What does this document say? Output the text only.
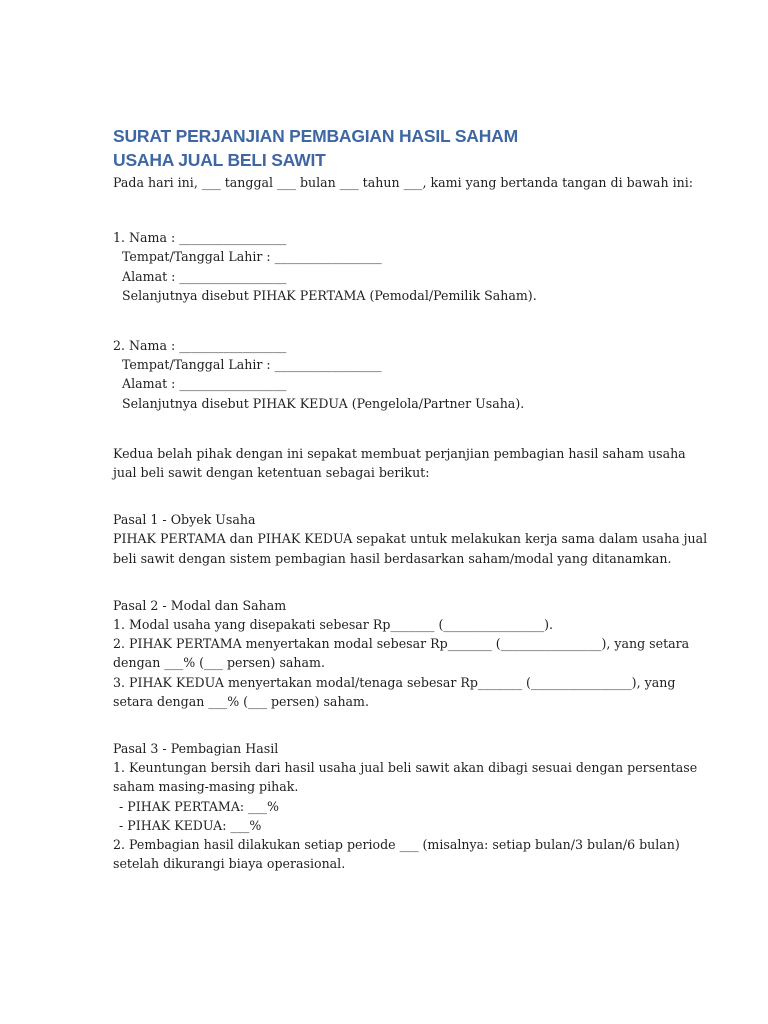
SURAT PERJANJIAN PEMBAGIAN HASIL SAHAM
USAHA JUAL BELI SAWIT
Pada hari ini, ___ tanggal ___ bulan ___ tahun ___, kami yang bertanda tangan di bawah ini:
1. Nama : _________________
Tempat/Tanggal Lahir : _________________
Alamat : _________________
Selanjutnya disebut PIHAK PERTAMA (Pemodal/Pemilik Saham).
2. Nama : _________________
Tempat/Tanggal Lahir : _________________
Alamat : _________________
Selanjutnya disebut PIHAK KEDUA (Pengelola/Partner Usaha).
Kedua belah pihak dengan ini sepakat membuat perjanjian pembagian hasil saham usaha
jual beli sawit dengan ketentuan sebagai berikut:
Pasal 1 - Obyek Usaha
PIHAK PERTAMA dan PIHAK KEDUA sepakat untuk melakukan kerja sama dalam usaha jual
beli sawit dengan sistem pembagian hasil berdasarkan saham/modal yang ditanamkan.
Pasal 2 - Modal dan Saham
1. Modal usaha yang disepakati sebesar Rp_______ (________________).
2. PIHAK PERTAMA menyertakan modal sebesar Rp_______ (________________), yang setara
dengan ___% (___ persen) saham.
3. PIHAK KEDUA menyertakan modal/tenaga sebesar Rp_______ (________________), yang
setara dengan ___% (___ persen) saham.
Pasal 3 - Pembagian Hasil
1. Keuntungan bersih dari hasil usaha jual beli sawit akan dibagi sesuai dengan persentase
saham masing-masing pihak.
- PIHAK PERTAMA: ___%
- PIHAK KEDUA: ___%
2. Pembagian hasil dilakukan setiap periode ___ (misalnya: setiap bulan/3 bulan/6 bulan)
setelah dikurangi biaya operasional.
